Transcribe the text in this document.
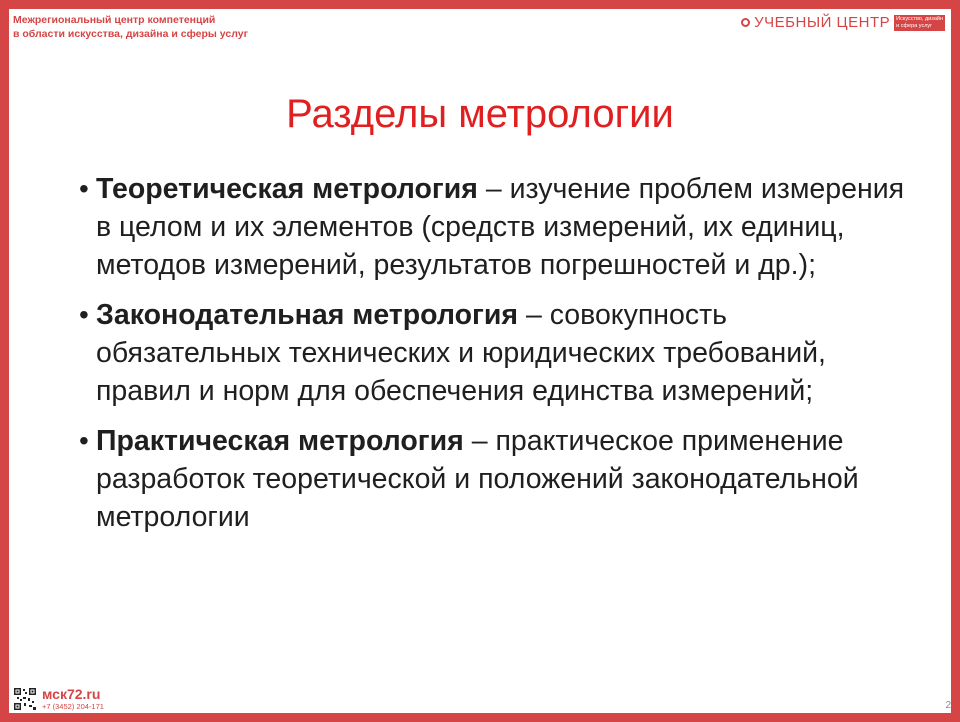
Межрегиональный центр компетенций
в области искусства, дизайна и сферы услуг
УЧЕБНЫЙ ЦЕНТР Искусство, дизайн
и сфера услуг
Разделы метрологии
• Теоретическая метрология – изучение проблем измерения в целом и их элементов (средств измерений, их единиц, методов измерений, результатов погрешностей и др.);
• Законодательная метрология – совокупность обязательных технических и юридических требований, правил и норм для обеспечения единства измерений;
• Практическая метрология – практическое применение разработок теоретической и положений законодательной метрологии
мск72.ru
+7 (3452) 204-171	2
